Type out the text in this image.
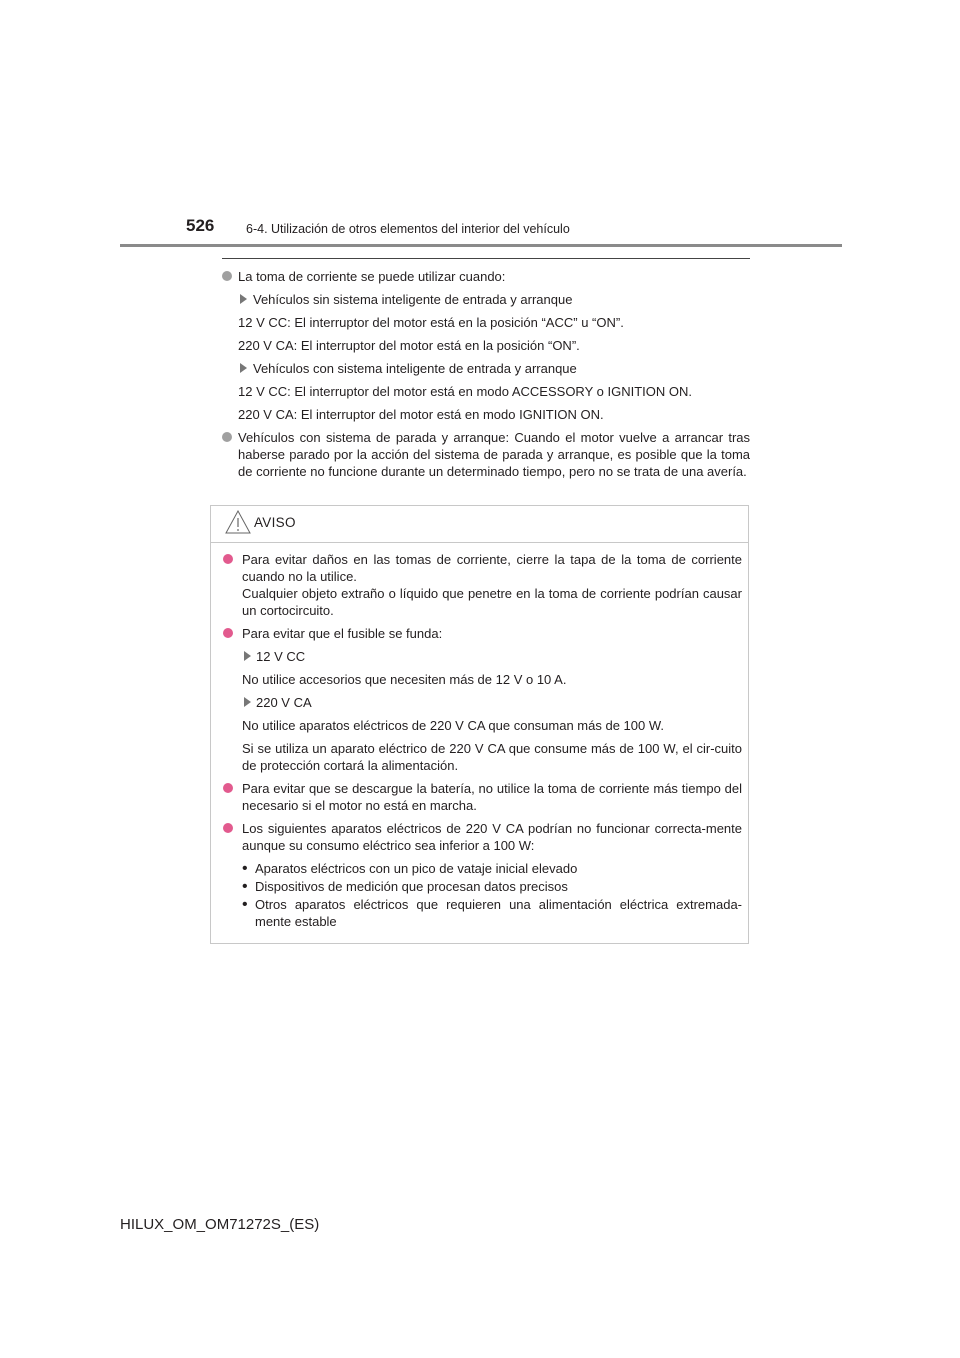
526	6-4. Utilización de otros elementos del interior del vehículo

La toma de corriente se puede utilizar cuando:

Vehículos sin sistema inteligente de entrada y arranque

12 V CC: El interruptor del motor está en la posición “ACC” u “ON”.

220 V CA: El interruptor del motor está en la posición “ON”.

Vehículos con sistema inteligente de entrada y arranque

12 V CC: El interruptor del motor está en modo ACCESSORY o IGNITION ON.

220 V CA: El interruptor del motor está en modo IGNITION ON.

Vehículos con sistema de parada y arranque: Cuando el motor vuelve a arrancar tras haberse parado por la acción del sistema de parada y arranque, es posible que la toma de corriente no funcione durante un determinado tiempo, pero no se trata de una avería.

AVISO

Para evitar daños en las tomas de corriente, cierre la tapa de la toma de corriente cuando no la utilice.

Cualquier objeto extraño o líquido que penetre en la toma de corriente podrían causar un cortocircuito.

Para evitar que el fusible se funda:

12 V CC

No utilice accesorios que necesiten más de 12 V o 10 A.

220 V CA

No utilice aparatos eléctricos de 220 V CA que consuman más de 100 W.

Si se utiliza un aparato eléctrico de 220 V CA que consume más de 100 W, el cir-cuito de protección cortará la alimentación.

Para evitar que se descargue la batería, no utilice la toma de corriente más tiempo del necesario si el motor no está en marcha.

Los siguientes aparatos eléctricos de 220 V CA podrían no funcionar correcta-mente aunque su consumo eléctrico sea inferior a 100 W:

• Aparatos eléctricos con un pico de vataje inicial elevado

• Dispositivos de medición que procesan datos precisos

• Otros aparatos eléctricos que requieren una alimentación eléctrica extremada-mente estable

HILUX_OM_OM71272S_(ES)
